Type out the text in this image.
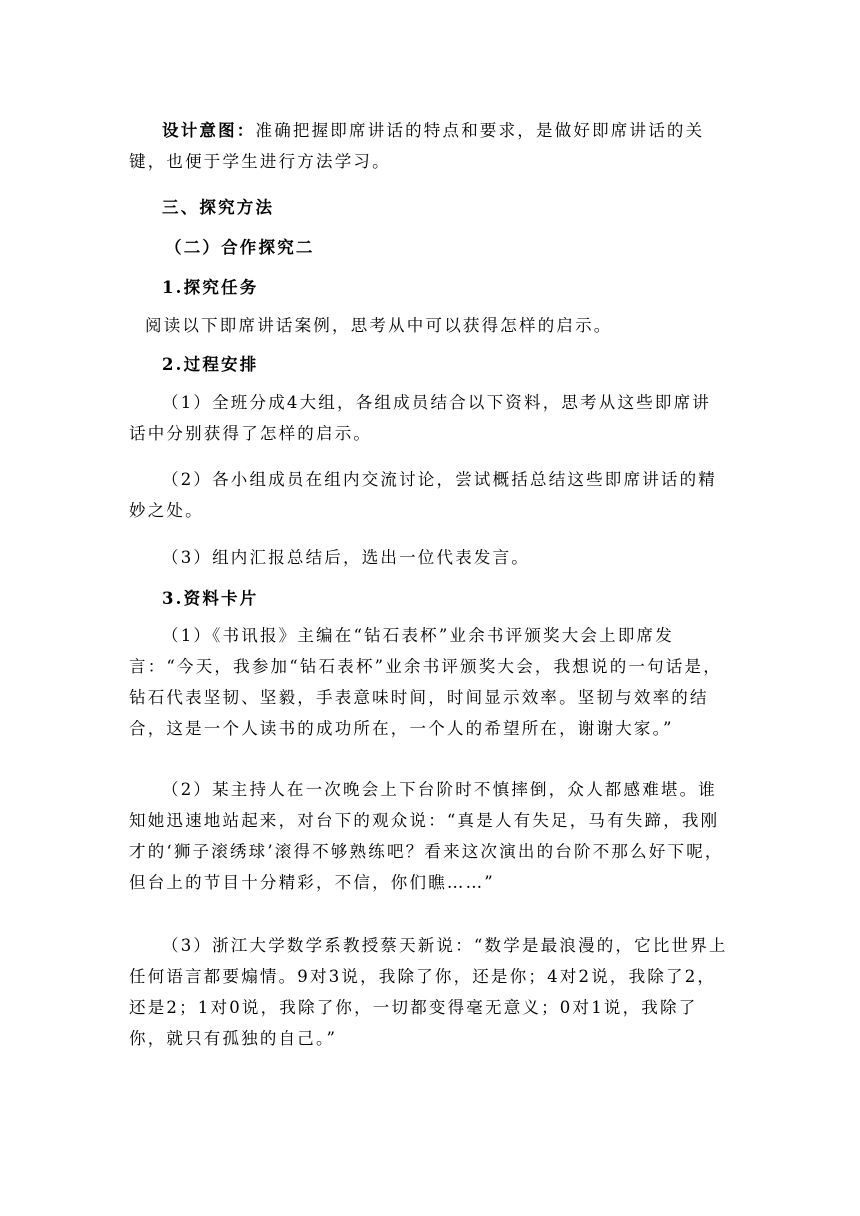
设计意图：准确把握即席讲话的特点和要求，是做好即席讲话的关键，也便于学生进行方法学习。

三、探究方法

（二）合作探究二

1.探究任务

阅读以下即席讲话案例，思考从中可以获得怎样的启示。

2.过程安排

（1）全班分成4大组，各组成员结合以下资料，思考从这些即席讲话中分别获得了怎样的启示。

（2）各小组成员在组内交流讨论，尝试概括总结这些即席讲话的精妙之处。

（3）组内汇报总结后，选出一位代表发言。

3.资料卡片

（1）《书讯报》主编在“钻石表杯”业余书评颁奖大会上即席发言：“今天，我参加“钻石表杯”业余书评颁奖大会，我想说的一句话是，钻石代表坚韧、坚毅，手表意味时间，时间显示效率。坚韧与效率的结合，这是一个人读书的成功所在，一个人的希望所在，谢谢大家。”

（2）某主持人在一次晚会上下台阶时不慎摔倒，众人都感难堪。谁知她迅速地站起来，对台下的观众说：“真是人有失足，马有失蹄，我刚才的‘狮子滚绣球’滚得不够熟练吧？看来这次演出的台阶不那么好下呢，但台上的节目十分精彩，不信，你们瞧……”

（3）浙江大学数学系教授蔡天新说：“数学是最浪漫的，它比世界上任何语言都要煽情。9对3说，我除了你，还是你；4对2说，我除了2，还是2；1对0说，我除了你，一切都变得毫无意义；0对1说，我除了你，就只有孤独的自己。”
